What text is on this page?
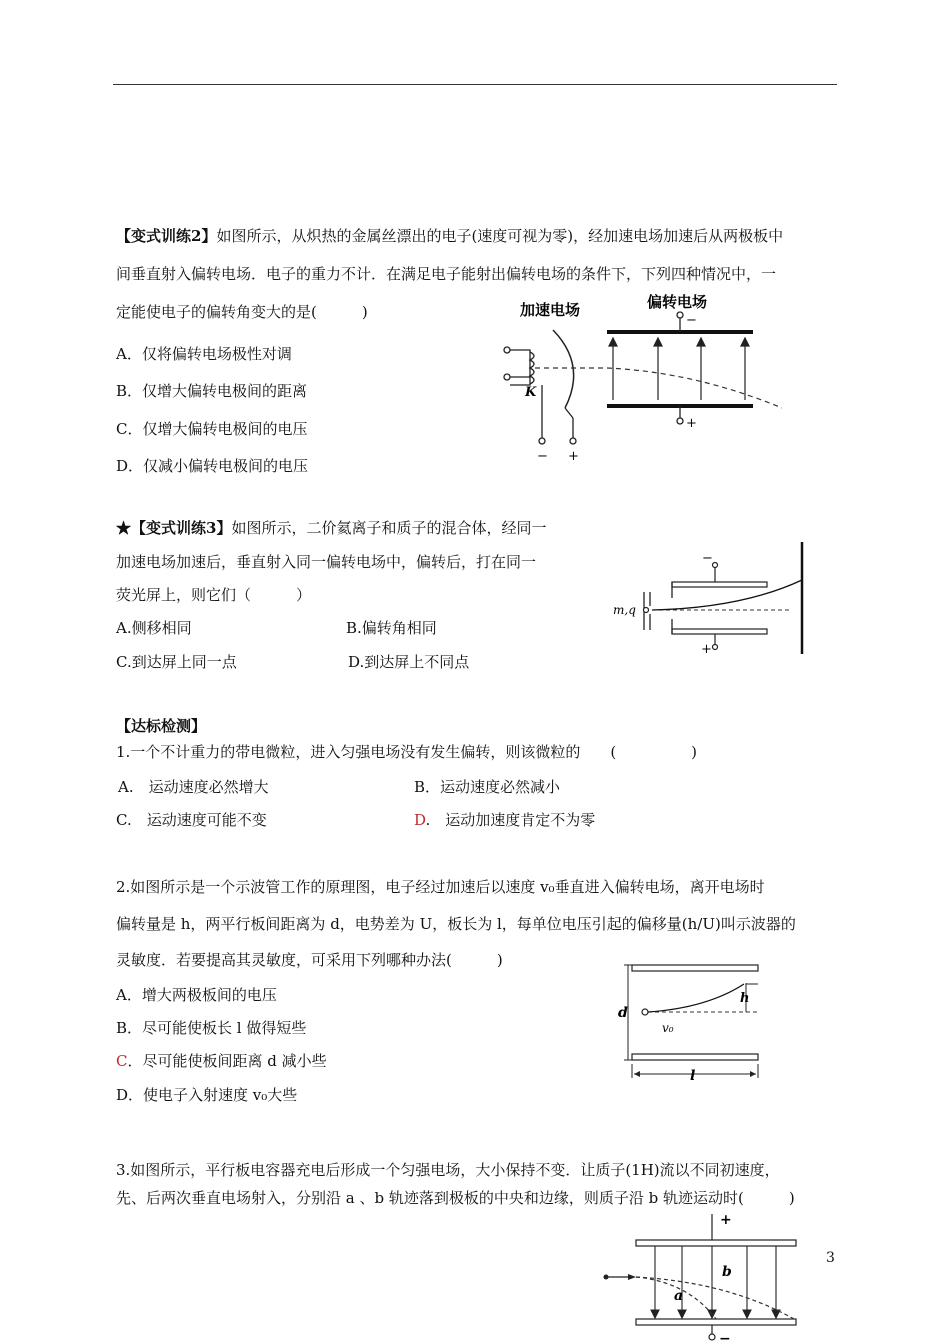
【变式训练2】如图所示，从炽热的金属丝漂出的电子(速度可视为零)，经加速电场加速后从两极板中
间垂直射入偏转电场．电子的重力不计．在满足电子能射出偏转电场的条件下，下列四种情况中，一
定能使电子的偏转角变大的是(　　　)
A．仅将偏转电场极性对调
B．仅增大偏转电极间的距离
C．仅增大偏转电极间的电压
D．仅减小偏转电极间的电压
加速电场	偏转电场
K
− +
+
−
★【变式训练3】如图所示，二价氦离子和质子的混合体，经同一
加速电场加速后，垂直射入同一偏转电场中，偏转后，打在同一
荧光屏上，则它们（　　　）
A.侧移相同	B.偏转角相同
C.到达屏上同一点	D.到达屏上不同点
m,q
−
+
【达标检测】
1.一个不计重力的带电微粒，进入匀强电场没有发生偏转，则该微粒的　　(　　　　　)
A.　运动速度必然增大	B．运动速度必然减小
C.　运动速度可能不变	D.　运动加速度肯定不为零
2.如图所示是一个示波管工作的原理图，电子经过加速后以速度 v₀垂直进入偏转电场，离开电场时
偏转量是 h，两平行板间距离为 d，电势差为 U，板长为 l，每单位电压引起的偏移量(h/U)叫示波器的
灵敏度．若要提高其灵敏度，可采用下列哪种办法(　　　)
A．增大两极板间的电压
B．尽可能使板长 l 做得短些
C．尽可能使板间距离 d 减小些
D．使电子入射速度 v₀大些
d
h
v₀
l
3.如图所示，平行板电容器充电后形成一个匀强电场，大小保持不变．让质子(1H)流以不同初速度，
先、后两次垂直电场射入，分别沿 a 、b 轨迹落到极板的中央和边缘，则质子沿 b 轨迹运动时(　　　)
+
a
b
−
3
